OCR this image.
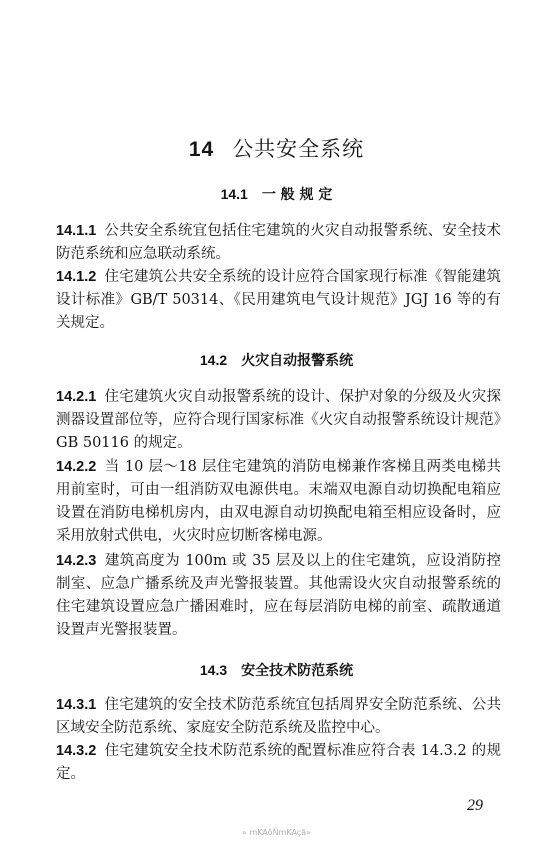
14 公共安全系统
14.1 一 般 规 定
14.1.1 公共安全系统宜包括住宅建筑的火灾自动报警系统、安全技术防范系统和应急联动系统。
14.1.2 住宅建筑公共安全系统的设计应符合国家现行标准《智能建筑设计标准》GB/T 50314、《民用建筑电气设计规范》JGJ 16 等的有关规定。
14.2 火灾自动报警系统
14.2.1 住宅建筑火灾自动报警系统的设计、保护对象的分级及火灾探测器设置部位等，应符合现行国家标准《火灾自动报警系统设计规范》GB 50116 的规定。
14.2.2 当 10 层～18 层住宅建筑的消防电梯兼作客梯且两类电梯共用前室时，可由一组消防双电源供电。末端双电源自动切换配电箱应设置在消防电梯机房内，由双电源自动切换配电箱至相应设备时，应采用放射式供电，火灾时应切断客梯电源。
14.2.3 建筑高度为 100m 或 35 层及以上的住宅建筑，应设消防控制室、应急广播系统及声光警报装置。其他需设火灾自动报警系统的住宅建筑设置应急广播困难时，应在每层消防电梯的前室、疏散通道设置声光警报装置。
14.3 安全技术防范系统
14.3.1 住宅建筑的安全技术防范系统宜包括周界安全防范系统、公共区域安全防范系统、家庭安全防范系统及监控中心。
14.3.2 住宅建筑安全技术防范系统的配置标准应符合表 14.3.2 的规定。
29
» mKAôÑmKAçã»
